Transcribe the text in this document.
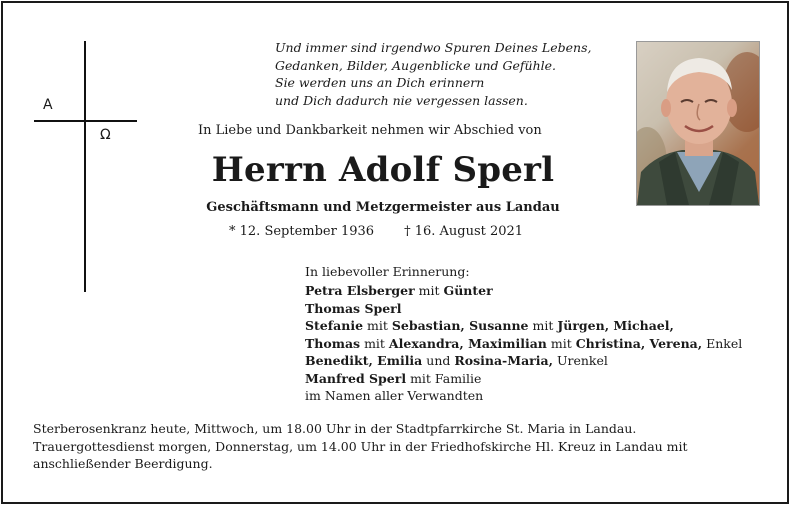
A
Ω
Und immer sind irgendwo Spuren Deines Lebens,
Gedanken, Bilder, Augenblicke und Gefühle.
Sie werden uns an Dich erinnern
und Dich dadurch nie vergessen lassen.
In Liebe und Dankbarkeit nehmen wir Abschied von
Herrn Adolf Sperl
Geschäftsmann und Metzgermeister aus Landau
* 12. September 1936 † 16. August 2021
In liebevoller Erinnerung:
Petra Elsberger mit Günter
Thomas Sperl
Stefanie mit Sebastian, Susanne mit Jürgen, Michael,
Thomas mit Alexandra, Maximilian mit Christina, Verena, Enkel
Benedikt, Emilia und Rosina-Maria, Urenkel
Manfred Sperl mit Familie
im Namen aller Verwandten
Sterberosenkranz heute, Mittwoch, um 18.00 Uhr in der Stadtpfarrkirche St. Maria in Landau.
Trauergottesdienst morgen, Donnerstag, um 14.00 Uhr in der Friedhofskirche Hl. Kreuz in Landau mit
anschließender Beerdigung.
